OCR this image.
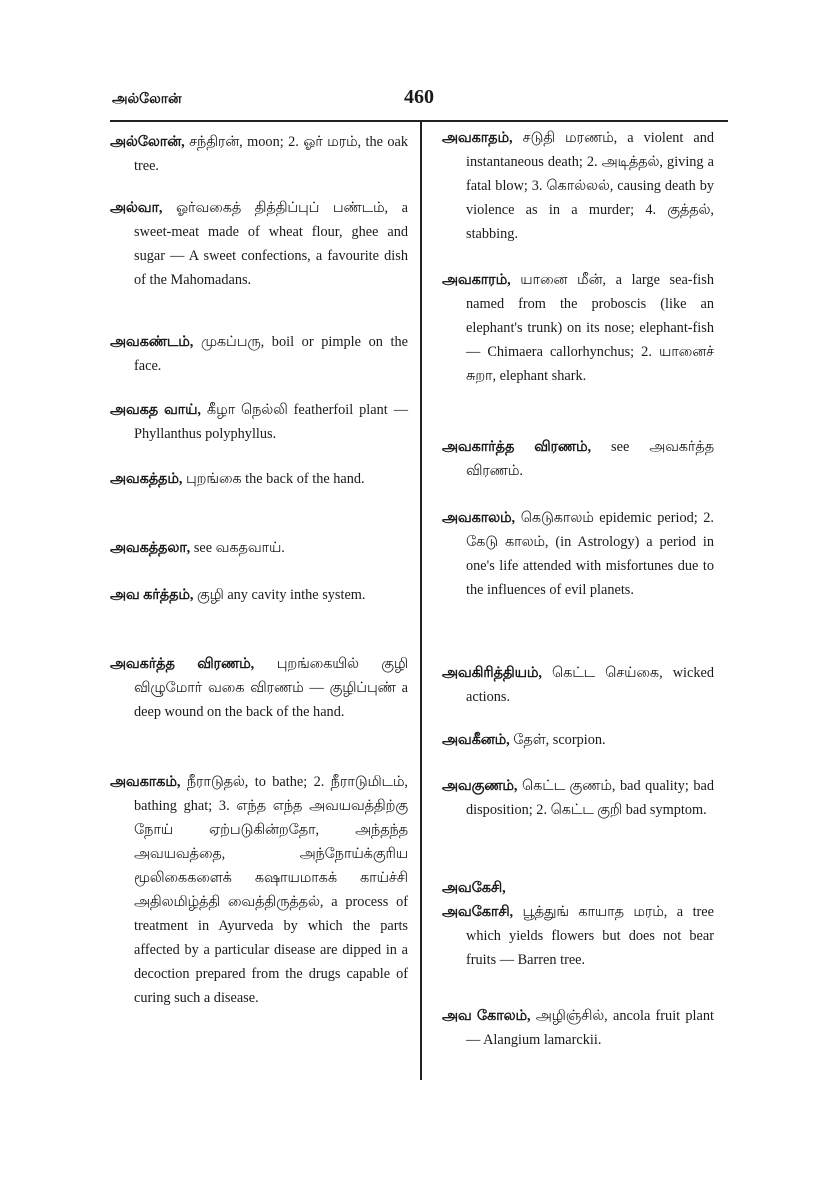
அல்லோன்	460
அல்லோன், சந்திரன், moon; 2. ஓர் மரம், the oak tree.
அல்வா, ஓர்வகைத் தித்திப்புப் பண்டம், a sweet-meat made of wheat flour, ghee and sugar — A sweet confections, a favourite dish of the Mahomadans.
அவகண்டம், முகப்பரு, boil or pimple on the face.
அவகத வாய், கீழா நெல்லி featherfoil plant — Phyllanthus polyphyllus.
அவகத்தம், புறங்கை the back of the hand.
அவகத்தலா, see வகதவாய்.
அவ கர்த்தம், குழி any cavity inthe system.
அவகர்த்த விரணம், புறங்கையில் குழி விழுமோர் வகை விரணம் — குழிப்புண் a deep wound on the back of the hand.
அவகாகம், நீராடுதல், to bathe; 2. நீராடுமிடம், bathing ghat; 3. எந்த எந்த அவயவத்திற்கு நோய் ஏற்படுகின்றதோ, அந்தந்த அவயவத்தை, அந்நோய்க்குரிய மூலிகைகளைக் கஷாயமாகக் காய்ச்சி அதிலமிழ்த்தி வைத்திருத்தல், a process of treatment in Ayurveda by which the parts affected by a particular disease are dipped in a decoction prepared from the drugs capable of curing such a disease.
அவகாதம், சடுதி மரணம், a violent and instantaneous death; 2. அடித்தல், giving a fatal blow; 3. கொல்லல், causing death by violence as in a murder; 4. குத்தல், stabbing.
அவகாரம், யானை மீன், a large sea-fish named from the proboscis (like an elephant's trunk) on its nose; elephant-fish — Chimaera callorhynchus; 2. யானைச் சுறா, elephant shark.
அவகார்த்த விரணம், see அவகர்த்த விரணம்.
அவகாலம், கெடுகாலம் epidemic period; 2. கேடு காலம், (in Astrology) a period in one's life attended with misfortunes due to the influences of evil planets.
அவகிரித்தியம், கெட்ட செய்கை, wicked actions.
அவகீனம், தேள், scorpion.
அவகுணம், கெட்ட குணம், bad quality; bad disposition; 2. கெட்ட குறி bad symptom.
அவகேசி,
அவகோசி, பூத்துங் காயாத மரம், a tree which yields flowers but does not bear fruits — Barren tree.
அவ கோலம், அழிஞ்சில், ancola fruit plant — Alangium lamarckii.
